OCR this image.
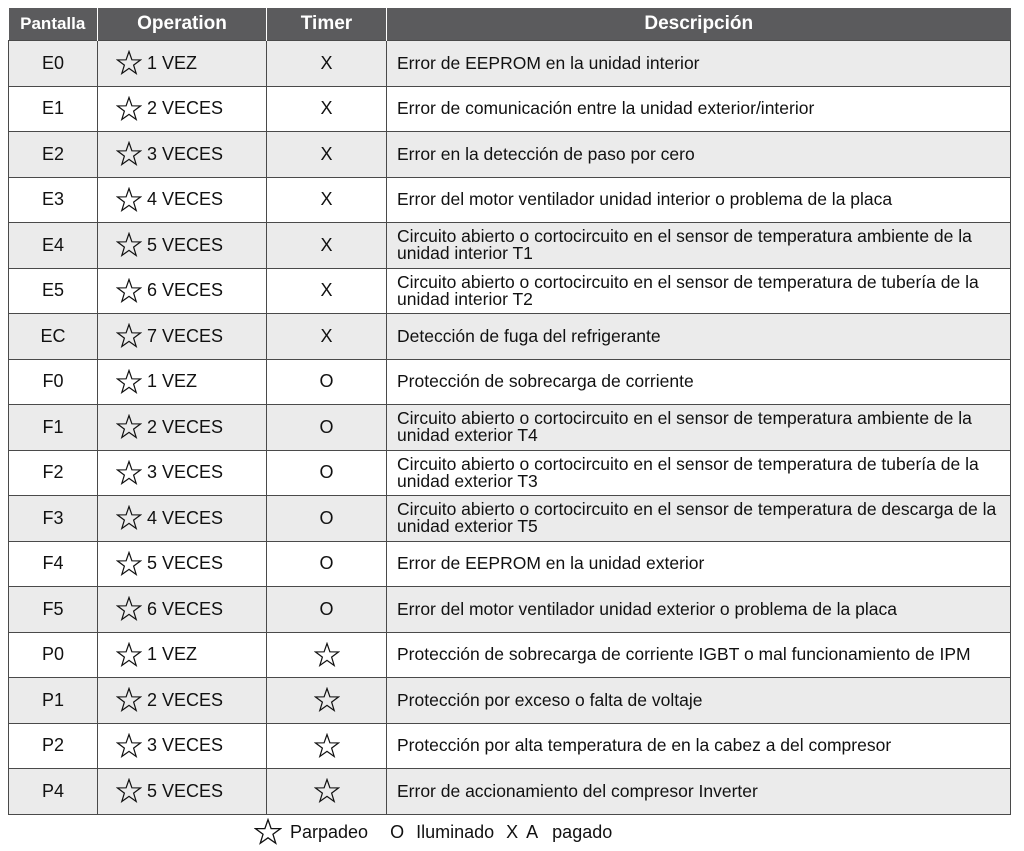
Pantalla	Operation	Timer	Descripción
E0	1 VEZ	X	Error de EEPROM en la unidad interior
E1	2 VECES	X	Error de comunicación entre la unidad exterior/interior
E2	3 VECES	X	Error en la detección de paso por cero
E3	4 VECES	X	Error del motor ventilador unidad interior o problema de la placa
E4	5 VECES	X	Circuito abierto o cortocircuito en el sensor de temperatura ambiente de la unidad interior T1
E5	6 VECES	X	Circuito abierto o cortocircuito en el sensor de temperatura de tubería de la unidad interior T2
EC	7 VECES	X	Detección de fuga del refrigerante
F0	1 VEZ	O	Protección de sobrecarga de corriente
F1	2 VECES	O	Circuito abierto o cortocircuito en el sensor de temperatura ambiente de la unidad exterior T4
F2	3 VECES	O	Circuito abierto o cortocircuito en el sensor de temperatura de tubería de la unidad exterior T3
F3	4 VECES	O	Circuito abierto o cortocircuito en el sensor de temperatura de descarga de la unidad exterior T5
F4	5 VECES	O	Error de EEPROM en la unidad exterior
F5	6 VECES	O	Error del motor ventilador unidad exterior o problema de la placa
P0	1 VEZ		Protección de sobrecarga de corriente IGBT o mal funcionamiento de IPM
P1	2 VECES		Protección por exceso o falta de voltaje
P2	3 VECES		Protección por alta temperatura de en la cabez a del compresor
P4	5 VECES		Error de accionamiento del compresor Inverter
Parpadeo O Iluminado X A   pagado
